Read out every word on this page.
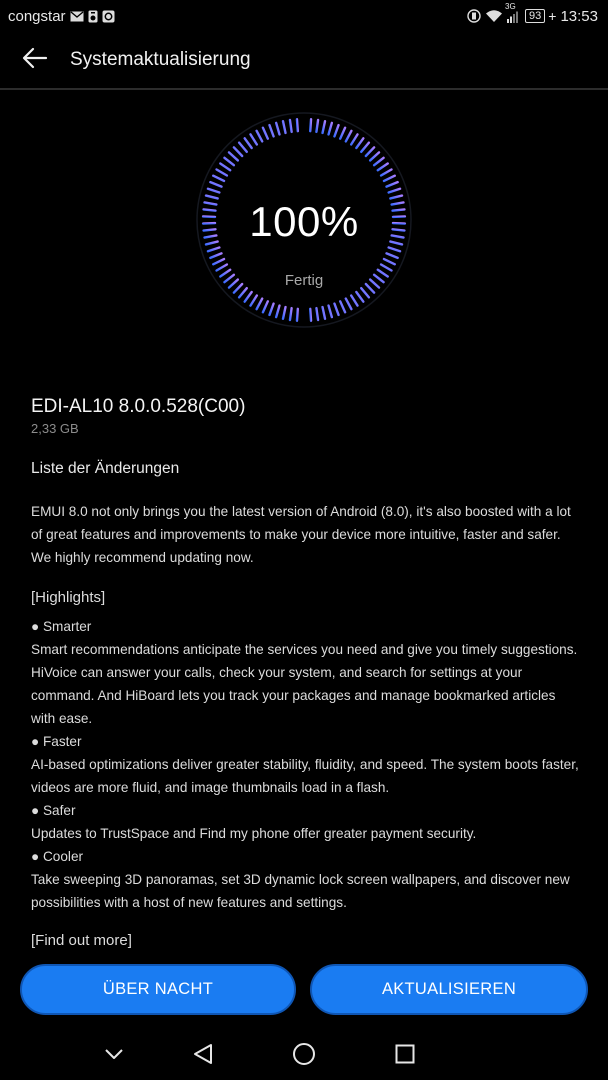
congstar
3G
93 + 13:53
Systemaktualisierung
100%
Fertig

EDI-AL10 8.0.0.528(C00)

2,33 GB

Liste der Änderungen

EMUI 8.0 not only brings you the latest version of Android (8.0), it's also boosted with a lot of great features and improvements to make your device more intuitive, faster and safer. We highly recommend updating now.

[Highlights]

● Smarter
Smart recommendations anticipate the services you need and give you timely suggestions. HiVoice can answer your calls, check your system, and search for settings at your command. And HiBoard lets you track your packages and manage bookmarked articles with ease.
● Faster
AI-based optimizations deliver greater stability, fluidity, and speed. The system boots faster, videos are more fluid, and image thumbnails load in a flash.
● Safer
Updates to TrustSpace and Find my phone offer greater payment security.
● Cooler
Take sweeping 3D panoramas, set 3D dynamic lock screen wallpapers, and discover new possibilities with a host of new features and settings.
[Find out more]
ÜBER NACHT	AKTUALISIEREN
